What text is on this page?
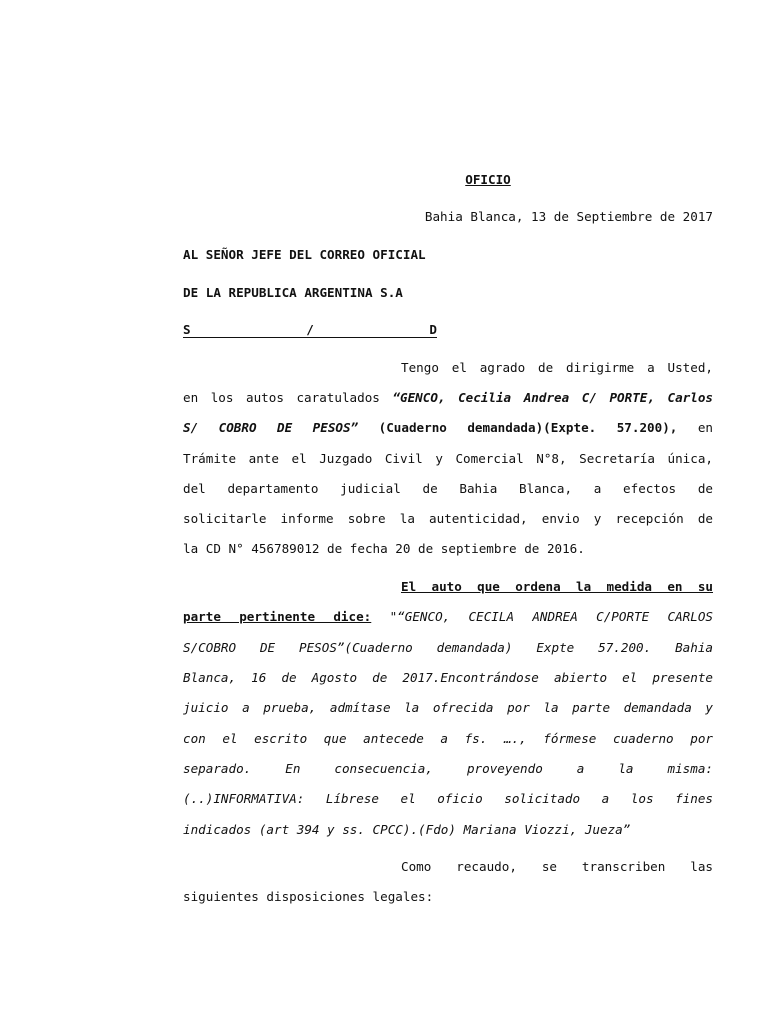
OFICIO
Bahia Blanca, 13 de Septiembre de 2017
AL SEÑOR JEFE DEL CORREO OFICIAL
DE LA REPUBLICA ARGENTINA S.A
S	/	D
Tengo el agrado de dirigirme a Usted,
en los autos caratulados “GENCO, Cecilia Andrea C/ PORTE, Carlos
S/ COBRO DE PESOS” (Cuaderno demandada)(Expte. 57.200), en
Trámite ante el Juzgado Civil y Comercial N°8, Secretaría única,
del departamento judicial de Bahia Blanca, a efectos de
solicitarle informe sobre la autenticidad, envio y recepción de
la CD N° 456789012 de fecha 20 de septiembre de 2016.
El auto que ordena la medida en su
parte pertinente dice: "“GENCO, CECILA ANDREA C/PORTE CARLOS
S/COBRO DE PESOS”(Cuaderno demandada) Expte 57.200. Bahia
Blanca, 16 de Agosto de 2017.Encontrándose abierto el presente
juicio a prueba, admítase la ofrecida por la parte demandada y
con el escrito que antecede a fs. …., fórmese cuaderno por
separado. En consecuencia, proveyendo a la misma:
(..)INFORMATIVA: Líbrese el oficio solicitado a los fines
indicados (art 394 y ss. CPCC).(Fdo) Mariana Viozzi, Jueza”
Como recaudo, se transcriben las
siguientes disposiciones legales:
